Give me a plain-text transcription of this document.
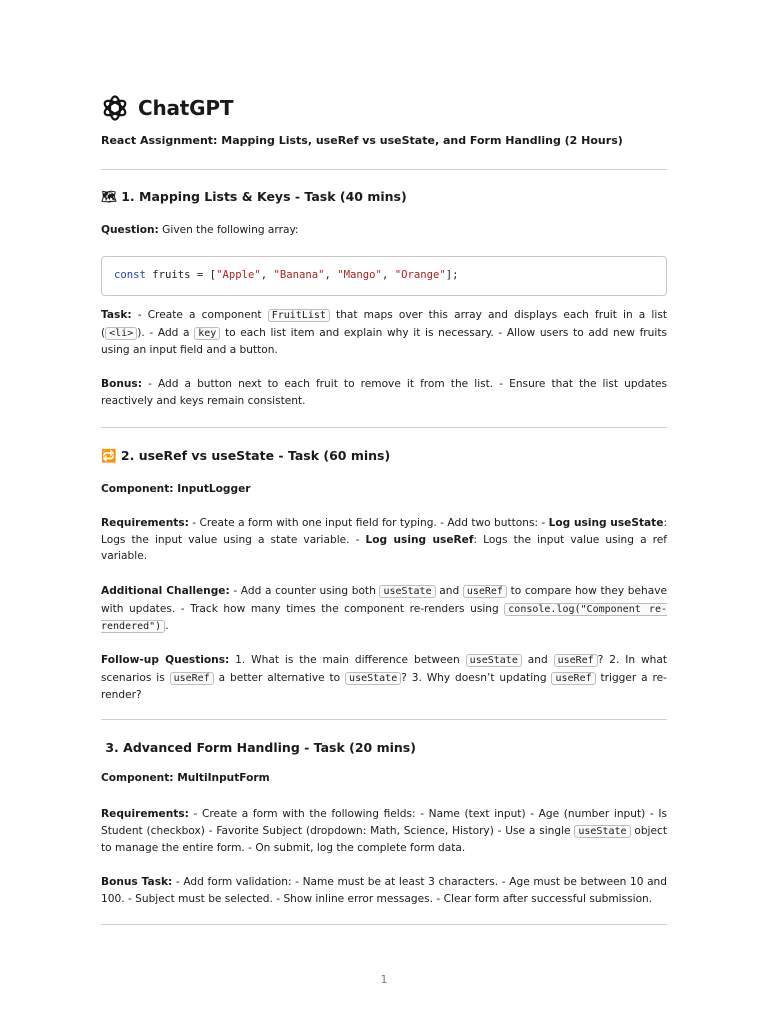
ChatGPT
React Assignment: Mapping Lists, useRef vs useState, and Form Handling (2 Hours)
🗺 1. Mapping Lists & Keys - Task (40 mins)

Question: Given the following array:

const fruits = ["Apple", "Banana", "Mango", "Orange"];

Task: - Create a component FruitList that maps over this array and displays each fruit in a list ( <li> ). - Add a key to each list item and explain why it is necessary. - Allow users to add new fruits using an input field and a button.

Bonus: - Add a button next to each fruit to remove it from the list. - Ensure that the list updates reactively and keys remain consistent.

🔁 2. useRef vs useState - Task (60 mins)

Component: InputLogger

Requirements: - Create a form with one input field for typing. - Add two buttons: - Log using useState: Logs the input value using a state variable. - Log using useRef: Logs the input value using a ref variable.

Additional Challenge: - Add a counter using both useState and useRef to compare how they behave with updates. - Track how many times the component re-renders using console.log("Component re-rendered") .

Follow-up Questions: 1. What is the main difference between useState and useRef ? 2. In what scenarios is useRef a better alternative to useState ? 3. Why doesn’t updating useRef trigger a re-render?

3. Advanced Form Handling - Task (20 mins)

Component: MultiInputForm

Requirements: - Create a form with the following fields: - Name (text input) - Age (number input) - Is Student (checkbox) - Favorite Subject (dropdown: Math, Science, History) - Use a single useState object to manage the entire form. - On submit, log the complete form data.

Bonus Task: - Add form validation: - Name must be at least 3 characters. - Age must be between 10 and 100. - Subject must be selected. - Show inline error messages. - Clear form after successful submission.

1
